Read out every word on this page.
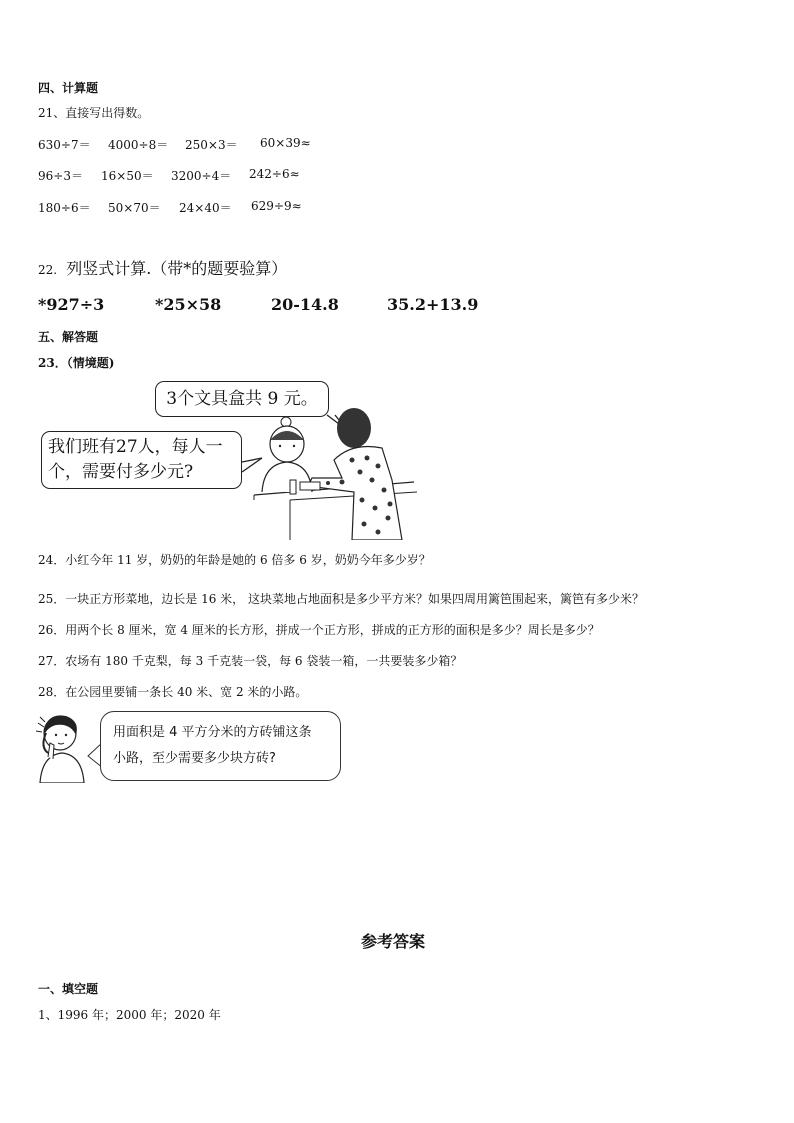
四、计算题
21、直接写出得数。
630÷7＝ 4000÷8＝ 250×3＝ 60×39≈
96÷3＝ 16×50＝ 3200÷4＝ 242÷6≈
180÷6＝ 50×70＝ 24×40＝ 629÷9≈
22. 列竖式计算.（带*的题要验算）
*927÷3	*25×58	20-14.8	35.2+13.9
五、解答题
23．（情境题)
3个文具盒共 9 元。
我们班有27人，每人一
个，需要付多少元?
24．小红今年 11 岁，奶奶的年龄是她的 6 倍多 6 岁，奶奶今年多少岁？
25．一块正方形菜地，边长是 16 米， 这块菜地占地面积是多少平方米？如果四周用篱笆围起来，篱笆有多少米？
26．用两个长 8 厘米，宽 4 厘米的长方形，拼成一个正方形，拼成的正方形的面积是多少？周长是多少？
27．农场有 180 千克梨，每 3 千克装一袋，每 6 袋装一箱，一共要装多少箱？
28．在公园里要铺一条长 40 米、宽 2 米的小路。
用面积是 4 平方分米的方砖铺这条
小路，至少需要多少块方砖?
参考答案
一、填空题
1、1996 年；2000 年；2020 年
